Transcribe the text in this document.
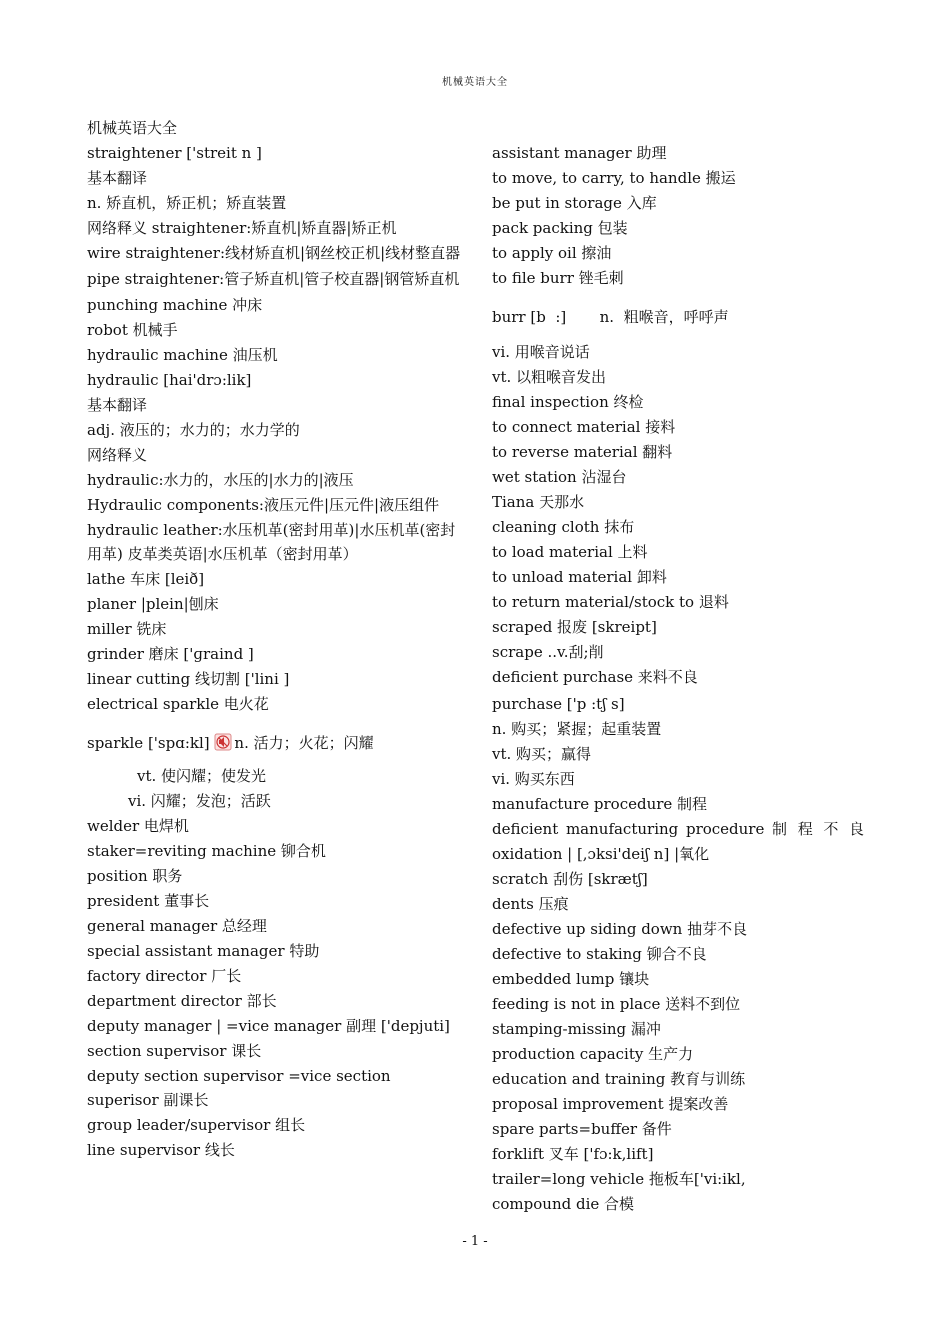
机械英语大全

机械英语大全

straightener ['streit n ]

基本翻译

n. 矫直机，矫正机；矫直装置

网络释义 straightener:矫直机|矫直器|矫正机

wire straightener:线材矫直机|钢丝校正机|线材整直器

pipe straightener:管子矫直机|管子校直器|钢管矫直机

punching machine 冲床

robot 机械手

hydraulic machine 油压机

hydraulic [hai'drɔ:lik]

基本翻译

adj. 液压的；水力的；水力学的

网络释义

hydraulic:水力的，水压的|水力的|液压

Hydraulic components:液压元件|压元件|液压组件

hydraulic leather:水压机革(密封用革)|水压机革(密封用革) 皮革类英语|水压机革（密封用革）

lathe 车床 [leið]

planer |plein|刨床

miller 铣床

grinder 磨床 ['ɡraind ]

linear cutting 线切割 ['lini ]

electrical sparkle 电火花

sparkle ['spɑ:kl] n. 活力；火花；闪耀

vt. 使闪耀；使发光

vi. 闪耀；发泡；活跃

welder 电焊机

staker=reviting machine 铆合机

position 职务

president 董事长

general manager 总经理

special assistant manager 特助

factory director 厂长

department director 部长

deputy manager | =vice manager 副理 ['depjuti]

section supervisor 课长

deputy section supervisor =vice section superisor 副课长

group leader/supervisor 组长

line supervisor 线长

assistant manager 助理

to move, to carry, to handle 搬运

be put in storage 入库

pack packing 包装

to apply oil 擦油

to file burr 锉毛刺

burr [b  :]       n.  粗喉音，呼呼声

vi. 用喉音说话

vt. 以粗喉音发出

final inspection 终检

to connect material 接料

to reverse material 翻料

wet station 沾湿台

Tiana 天那水

cleaning cloth 抹布

to load material 上料

to unload material 卸料

to return material/stock to 退料

scraped 报废 [skreipt]

scrape ..v.刮;削

deficient purchase 来料不良

purchase ['p :tʃ s]

n. 购买；紧握；起重装置

vt. 购买；赢得

vi. 购买东西

manufacture procedure 制程

deficient manufacturing procedure 制 程 不 良

oxidation | [,ɔksi'deiʃ n] |氧化

scratch 刮伤 [skrætʃ]

dents 压痕

defective up siding down 抽芽不良

defective to staking 铆合不良

embedded lump 镶块

feeding is not in place 送料不到位

stamping-missing 漏冲

production capacity 生产力

education and training 教育与训练

proposal improvement 提案改善

spare parts=buffer 备件

forklift 叉车 ['fɔ:k,lift]

trailer=long vehicle 拖板车['vi:ikl,

compound die 合模

- 1 -
